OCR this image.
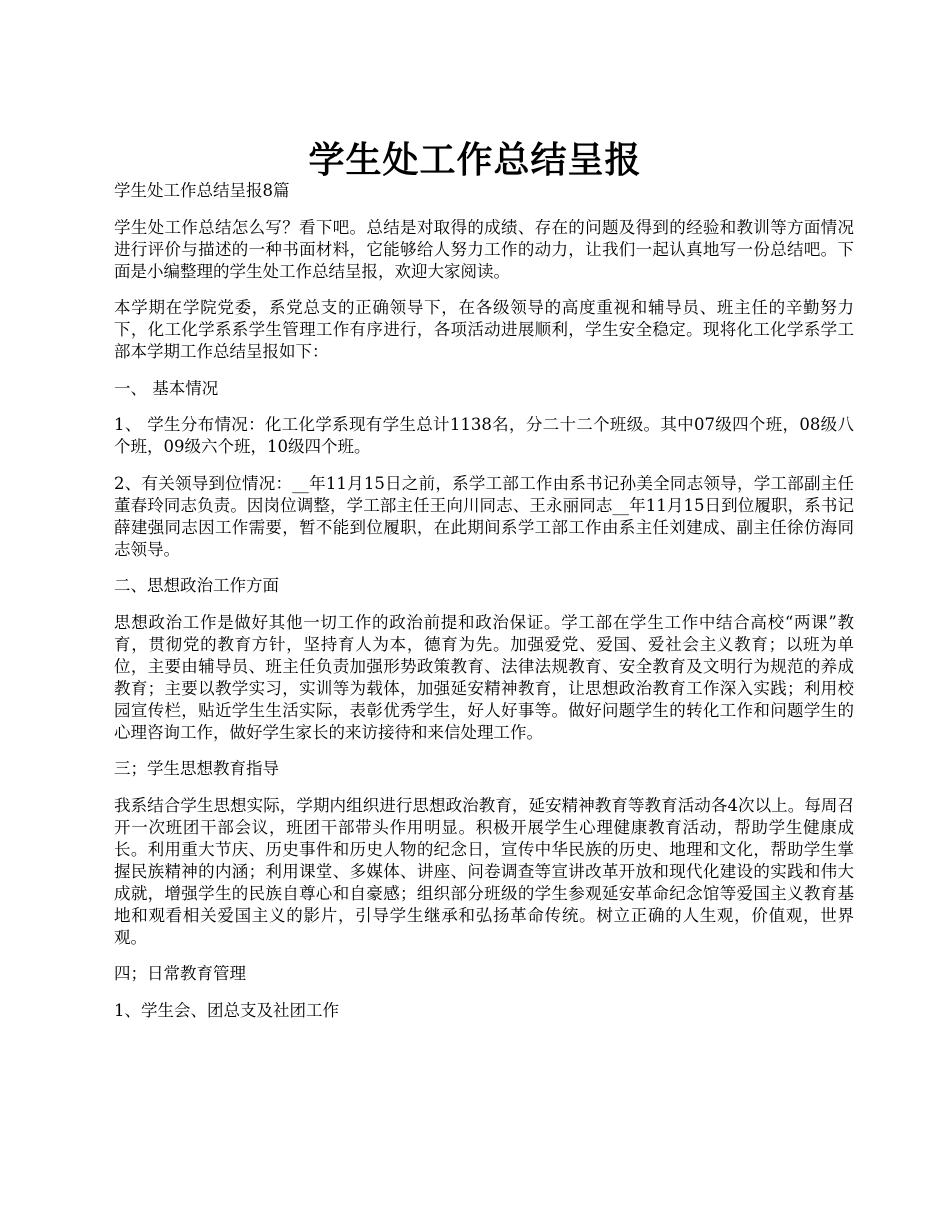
学生处工作总结呈报

学生处工作总结呈报8篇

学生处工作总结怎么写？看下吧。总结是对取得的成绩、存在的问题及得到的经验和教训等方面情况进行评价与描述的一种书面材料，它能够给人努力工作的动力，让我们一起认真地写一份总结吧。下面是小编整理的学生处工作总结呈报，欢迎大家阅读。

本学期在学院党委，系党总支的正确领导下，在各级领导的高度重视和辅导员、班主任的辛勤努力下，化工化学系系学生管理工作有序进行，各项活动进展顺利，学生安全稳定。现将化工化学系学工部本学期工作总结呈报如下：

一、 基本情况

1、 学生分布情况：化工化学系现有学生总计1138名，分二十二个班级。其中07级四个班，08级八个班，09级六个班，10级四个班。

2、有关领导到位情况：__年11月15日之前，系学工部工作由系书记孙美全同志领导，学工部副主任董春玲同志负责。因岗位调整，学工部主任王向川同志、王永丽同志__年11月15日到位履职，系书记薛建强同志因工作需要，暂不能到位履职，在此期间系学工部工作由系主任刘建成、副主任徐仿海同志领导。

二、思想政治工作方面

思想政治工作是做好其他一切工作的政治前提和政治保证。学工部在学生工作中结合高校“两课”教育，贯彻党的教育方针，坚持育人为本，德育为先。加强爱党、爱国、爱社会主义教育；以班为单位，主要由辅导员、班主任负责加强形势政策教育、法律法规教育、安全教育及文明行为规范的养成教育；主要以教学实习，实训等为载体，加强延安精神教育，让思想政治教育工作深入实践；利用校园宣传栏，贴近学生生活实际，表彰优秀学生，好人好事等。做好问题学生的转化工作和问题学生的心理咨询工作，做好学生家长的来访接待和来信处理工作。

三；学生思想教育指导

我系结合学生思想实际，学期内组织进行思想政治教育，延安精神教育等教育活动各4次以上。每周召开一次班团干部会议，班团干部带头作用明显。积极开展学生心理健康教育活动，帮助学生健康成长。利用重大节庆、历史事件和历史人物的纪念日，宣传中华民族的历史、地理和文化，帮助学生掌握民族精神的内涵；利用课堂、多媒体、讲座、问卷调查等宣讲改革开放和现代化建设的实践和伟大成就，增强学生的民族自尊心和自豪感；组织部分班级的学生参观延安革命纪念馆等爱国主义教育基地和观看相关爱国主义的影片，引导学生继承和弘扬革命传统。树立正确的人生观，价值观，世界观。

四；日常教育管理

1、学生会、团总支及社团工作
